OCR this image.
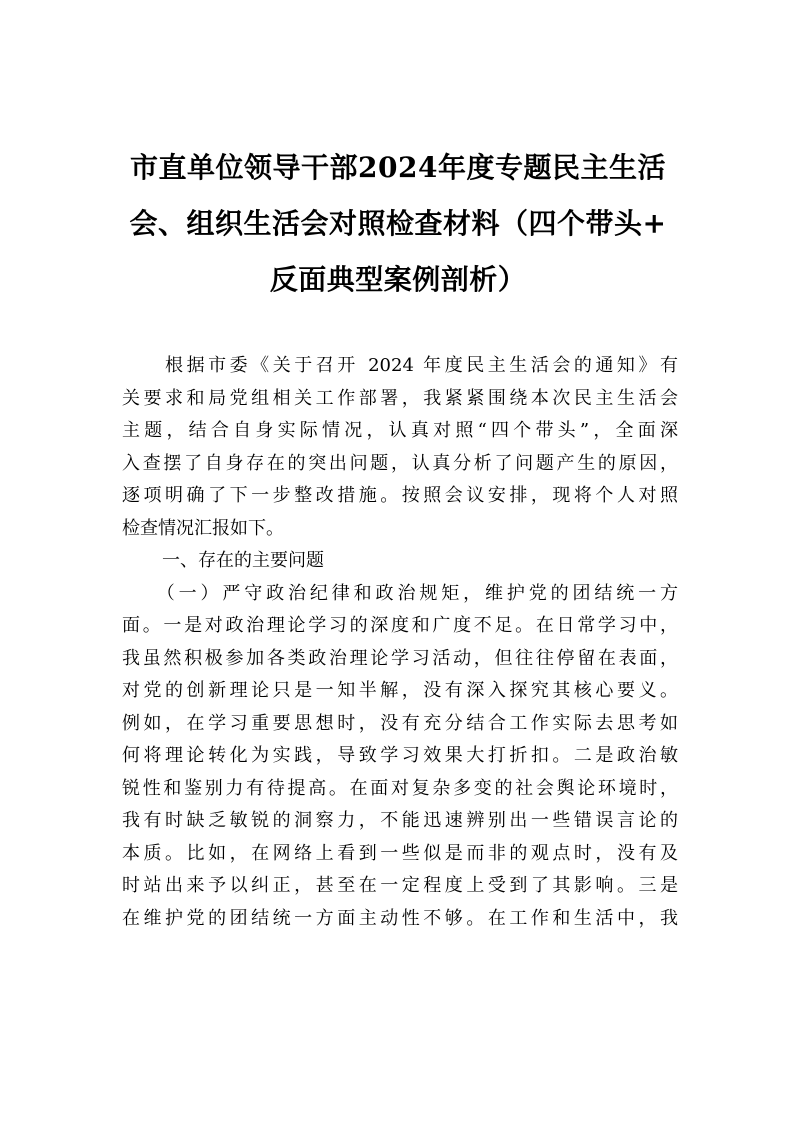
市直单位领导干部2024年度专题民主生活
会、组织生活会对照检查材料（四个带头+
反面典型案例剖析）

　　根据市委《关于召开 2024 年度民主生活会的通知》有
关要求和局党组相关工作部署，我紧紧围绕本次民主生活会
主题，结合自身实际情况，认真对照“四个带头”，全面深
入查摆了自身存在的突出问题，认真分析了问题产生的原因，
逐项明确了下一步整改措施。按照会议安排，现将个人对照
检查情况汇报如下。

一、存在的主要问题

　　（一）严守政治纪律和政治规矩，维护党的团结统一方
面。一是对政治理论学习的深度和广度不足。在日常学习中，
我虽然积极参加各类政治理论学习活动，但往往停留在表面，
对党的创新理论只是一知半解，没有深入探究其核心要义。
例如，在学习重要思想时，没有充分结合工作实际去思考如
何将理论转化为实践，导致学习效果大打折扣。二是政治敏
锐性和鉴别力有待提高。在面对复杂多变的社会舆论环境时，
我有时缺乏敏锐的洞察力，不能迅速辨别出一些错误言论的
本质。比如，在网络上看到一些似是而非的观点时，没有及
时站出来予以纠正，甚至在一定程度上受到了其影响。三是
在维护党的团结统一方面主动性不够。在工作和生活中，我
